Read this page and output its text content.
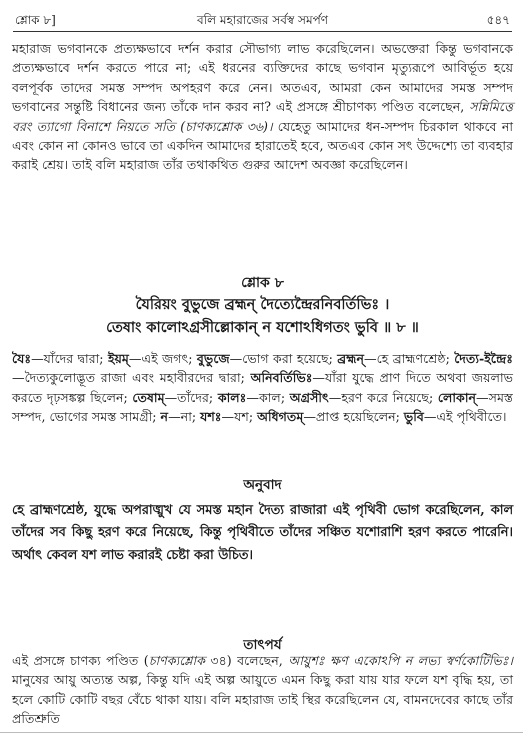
শ্লোক ৮]	বলি মহারাজের সর্বস্ব সমর্পণ	৫৪৭
মহারাজ ভগবানকে প্রত্যক্ষভাবে দর্শন করার সৌভাগ্য লাভ করেছিলেন। অভক্তেরা কিন্তু ভগবানকে প্রত্যক্ষভাবে দর্শন করতে পারে না; এই ধরনের ব্যক্তিদের কাছে ভগবান মৃত্যুরূপে আবির্ভূত হয়ে বলপূর্বক তাদের সমস্ত সম্পদ অপহরণ করে নেন। অতএব, আমরা কেন আমাদের সমস্ত সম্পদ ভগবানের সন্তুষ্টি বিধানের জন্য তাঁকে দান করব না? এই প্রসঙ্গে শ্রীচাণক্য পণ্ডিত বলেছেন, সন্নিমিত্তে বরং ত্যাগো বিনাশে নিয়তে সতি (চাণক্যশ্লোক ৩৬)। যেহেতু আমাদের ধন-সম্পদ চিরকাল থাকবে না এবং কোন না কোনও ভাবে তা একদিন আমাদের হারাতেই হবে, অতএব কোন সৎ উদ্দেশ্যে তা ব্যবহার করাই শ্রেয়। তাই বলি মহারাজ তাঁর তথাকথিত গুরুর আদেশ অবজ্ঞা করেছিলেন।
শ্লোক ৮
যৈরিয়ং বুভুজে ব্রহ্মন্ দৈত্যেন্দ্রৈরনিবর্তিভিঃ ।
তেষাং কালোঽগ্রসীল্লোকান্ ন যশোঽধিগতং ভুবি ॥ ৮ ॥
যৈঃ—যাঁদের দ্বারা; ইয়ম্—এই জগৎ; বুভুজে—ভোগ করা হয়েছে; ব্রহ্মন্—হে ব্রাহ্মণশ্রেষ্ঠ; দৈত্য-ইন্দ্রৈঃ—দৈত্যকুলোদ্ভূত রাজা এবং মহাবীরদের দ্বারা; অনিবর্তিভিঃ—যাঁরা যুদ্ধে প্রাণ দিতে অথবা জয়লাভ করতে দৃঢ়সঙ্কল্প ছিলেন; তেষাম্—তাঁদের; কালঃ—কাল; অগ্রসীৎ—হরণ করে নিয়েছে; লোকান্—সমস্ত সম্পদ, ভোগের সমস্ত সামগ্রী; ন—না; যশঃ—যশ; অধিগতম্—প্রাপ্ত হয়েছিলেন; ভুবি—এই পৃথিবীতে।
অনুবাদ
হে ব্রাহ্মণশ্রেষ্ঠ, যুদ্ধে অপরাঙ্মুখ যে সমস্ত মহান দৈত্য রাজারা এই পৃথিবী ভোগ করেছিলেন, কাল তাঁদের সব কিছু হরণ করে নিয়েছে, কিন্তু পৃথিবীতে তাঁদের সঞ্চিত যশোরাশি হরণ করতে পারেনি। অর্থাৎ কেবল যশ লাভ করারই চেষ্টা করা উচিত।
তাৎপর্য
এই প্রসঙ্গে চাণক্য পণ্ডিত (চাণক্যশ্লোক ৩৪) বলেছেন, আয়ুশঃ ক্ষণ একোঽপি ন লভ্য স্বর্ণকোটিভিঃ। মানুষের আয়ু অত্যন্ত অল্প, কিন্তু যদি এই অল্প আয়ুতে এমন কিছু করা যায় যার ফলে যশ বৃদ্ধি হয়, তা হলে কোটি কোটি বছর বেঁচে থাকা যায়। বলি মহারাজ তাই স্থির করেছিলেন যে, বামনদেবের কাছে তাঁর প্রতিশ্রুতি
